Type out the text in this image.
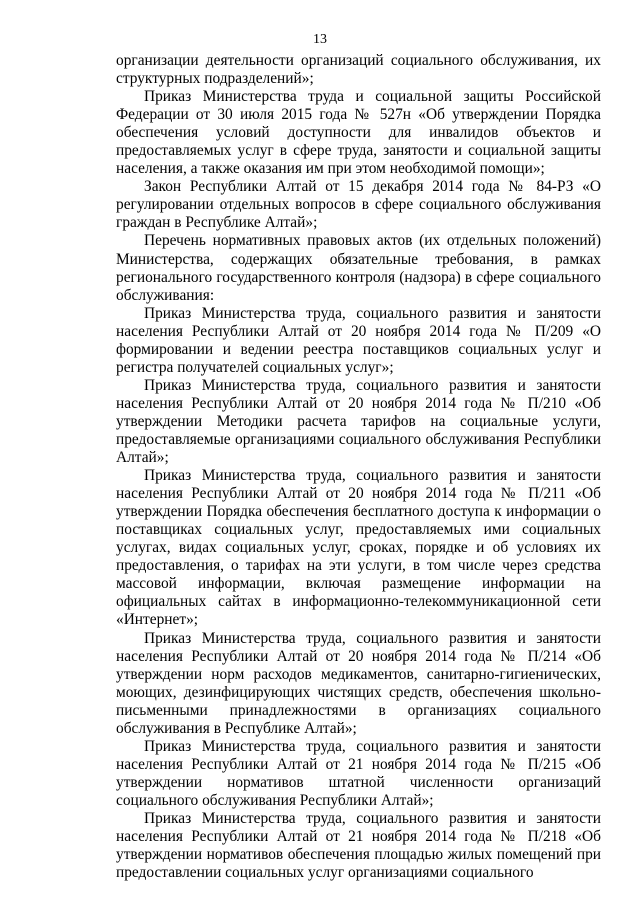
13

организации деятельности организаций социального обслуживания, их структурных подразделений»;

Приказ Министерства труда и социальной защиты Российской Федерации от 30 июля 2015 года № 527н «Об утверждении Порядка обеспечения условий доступности для инвалидов объектов и предоставляемых услуг в сфере труда, занятости и социальной защиты населения, а также оказания им при этом необходимой помощи»;

Закон Республики Алтай от 15 декабря 2014 года № 84-РЗ «О регулировании отдельных вопросов в сфере социального обслуживания граждан в Республике Алтай»;

Перечень нормативных правовых актов (их отдельных положений) Министерства, содержащих обязательные требования, в рамках регионального государственного контроля (надзора) в сфере социального обслуживания:

Приказ Министерства труда, социального развития и занятости населения Республики Алтай от 20 ноября 2014 года № П/209 «О формировании и ведении реестра поставщиков социальных услуг и регистра получателей социальных услуг»;

Приказ Министерства труда, социального развития и занятости населения Республики Алтай от 20 ноября 2014 года № П/210 «Об утверждении Методики расчета тарифов на социальные услуги, предоставляемые организациями социального обслуживания Республики Алтай»;

Приказ Министерства труда, социального развития и занятости населения Республики Алтай от 20 ноября 2014 года № П/211 «Об утверждении Порядка обеспечения бесплатного доступа к информации о поставщиках социальных услуг, предоставляемых ими социальных услугах, видах социальных услуг, сроках, порядке и об условиях их предоставления, о тарифах на эти услуги, в том числе через средства массовой информации, включая размещение информации на официальных сайтах в информационно-телекоммуникационной сети «Интернет»;

Приказ Министерства труда, социального развития и занятости населения Республики Алтай от 20 ноября 2014 года № П/214 «Об утверждении норм расходов медикаментов, санитарно-гигиенических, моющих, дезинфицирующих чистящих средств, обеспечения школьно-письменными принадлежностями в организациях социального обслуживания в Республике Алтай»;

Приказ Министерства труда, социального развития и занятости населения Республики Алтай от 21 ноября 2014 года № П/215 «Об утверждении нормативов штатной численности организаций социального обслуживания Республики Алтай»;

Приказ Министерства труда, социального развития и занятости населения Республики Алтай от 21 ноября 2014 года № П/218 «Об утверждении нормативов обеспечения площадью жилых помещений при предоставлении социальных услуг организациями социального
